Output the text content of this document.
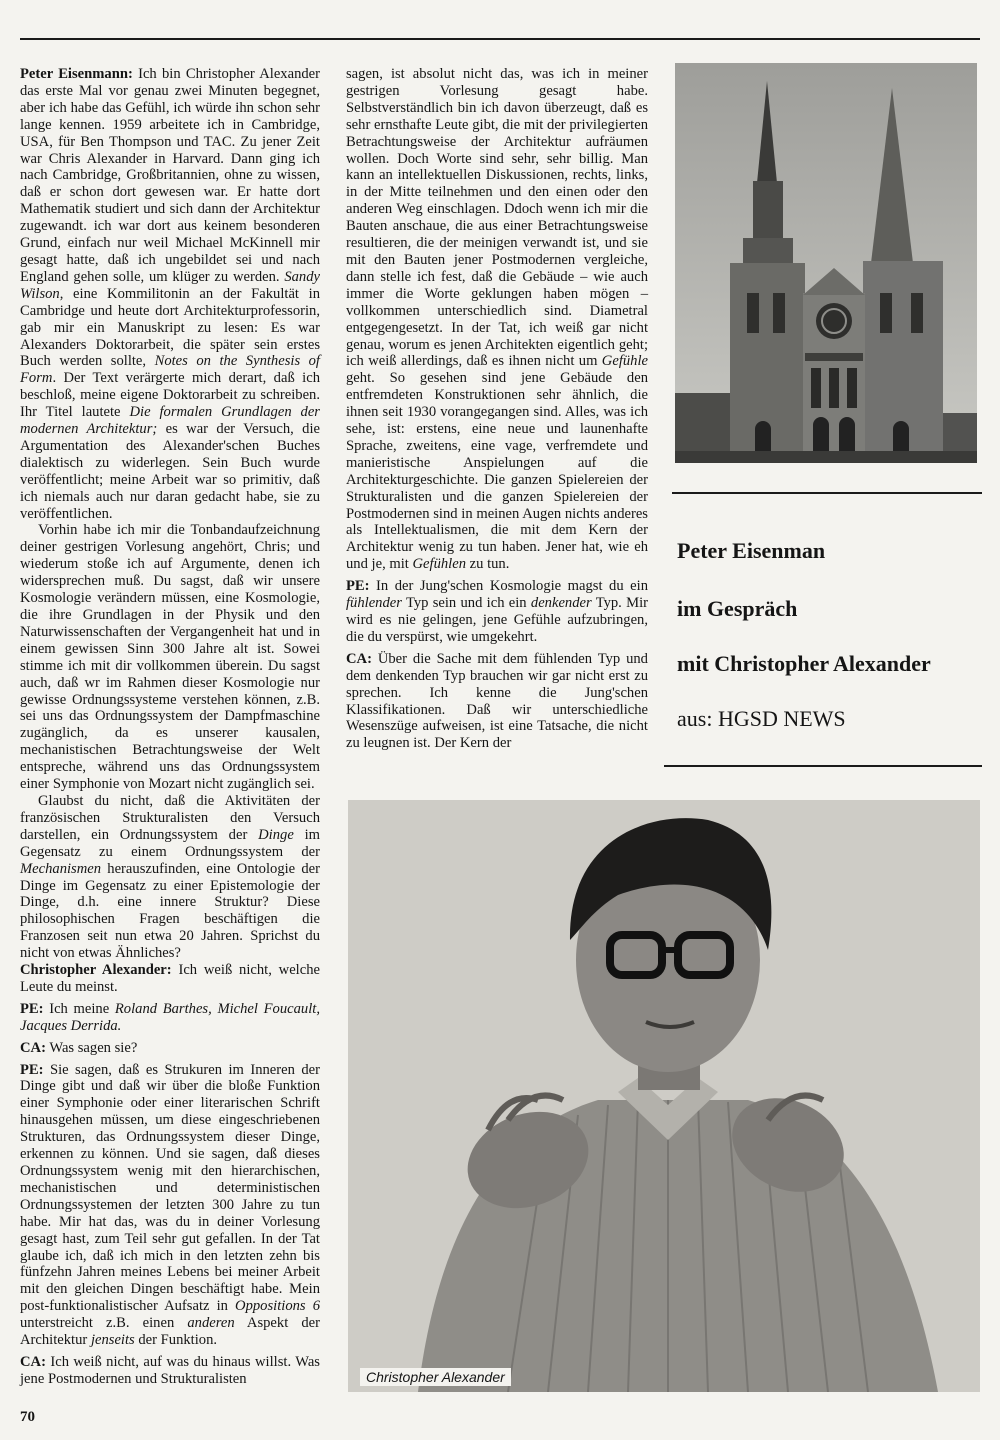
Peter Eisenmann: Ich bin Christopher Alexander das erste Mal vor genau zwei Minuten begegnet, aber ich habe das Gefühl, ich würde ihn schon sehr lange kennen. 1959 arbeitete ich in Cambridge, USA, für Ben Thompson und TAC. Zu jener Zeit war Chris Alexander in Harvard. Dann ging ich nach Cambridge, Großbritannien, ohne zu wissen, daß er schon dort gewesen war. Er hatte dort Mathematik studiert und sich dann der Architektur zugewandt. ich war dort aus keinem besonderen Grund, einfach nur weil Michael McKinnell mir gesagt hatte, daß ich ungebildet sei und nach England gehen solle, um klüger zu werden. Sandy Wilson, eine Kommilitonin an der Fakultät in Cambridge und heute dort Architekturprofessorin, gab mir ein Manuskript zu lesen: Es war Alexanders Doktorarbeit, die später sein erstes Buch werden sollte, Notes on the Synthesis of Form. Der Text verärgerte mich derart, daß ich beschloß, meine eigene Doktorarbeit zu schreiben. Ihr Titel lautete Die formalen Grundlagen der modernen Architektur; es war der Versuch, die Argumentation des Alexander'schen Buches dialektisch zu widerlegen. Sein Buch wurde veröffentlicht; meine Arbeit war so primitiv, daß ich niemals auch nur daran gedacht habe, sie zu veröffentlichen.

Vorhin habe ich mir die Tonbandaufzeichnung deiner gestrigen Vorlesung angehört, Chris; und wiederum stoße ich auf Argumente, denen ich widersprechen muß. Du sagst, daß wir unsere Kosmologie verändern müssen, eine Kosmologie, die ihre Grundlagen in der Physik und den Naturwissenschaften der Vergangenheit hat und in einem gewissen Sinn 300 Jahre alt ist. Sowei stimme ich mit dir vollkommen überein. Du sagst auch, daß wr im Rahmen dieser Kosmologie nur gewisse Ordnungssysteme verstehen können, z.B. sei uns das Ordnungssystem der Dampfmaschine zugänglich, da es unserer kausalen, mechanistischen Betrachtungsweise der Welt entspreche, während uns das Ordnungssystem einer Symphonie von Mozart nicht zugänglich sei.

Glaubst du nicht, daß die Aktivitäten der französischen Strukturalisten den Versuch darstellen, ein Ordnungssystem der Dinge im Gegensatz zu einem Ordnungssystem der Mechanismen herauszufinden, eine Ontologie der Dinge im Gegensatz zu einer Epistemologie der Dinge, d.h. eine innere Struktur? Diese philosophischen Fragen beschäftigen die Franzosen seit nun etwa 20 Jahren. Sprichst du nicht von etwas Ähnliches?

Christopher Alexander: Ich weiß nicht, welche Leute du meinst.

PE: Ich meine Roland Barthes, Michel Foucault, Jacques Derrida.

CA: Was sagen sie?

PE: Sie sagen, daß es Strukuren im Inneren der Dinge gibt und daß wir über die bloße Funktion einer Symphonie oder einer literarischen Schrift hinausgehen müssen, um diese eingeschriebenen Strukturen, das Ordnungssystem dieser Dinge, erkennen zu können. Und sie sagen, daß dieses Ordnungssystem wenig mit den hierarchischen, mechanistischen und deterministischen Ordnungssystemen der letzten 300 Jahre zu tun habe. Mir hat das, was du in deiner Vorlesung gesagt hast, zum Teil sehr gut gefallen. In der Tat glaube ich, daß ich mich in den letzten zehn bis fünfzehn Jahren meines Lebens bei meiner Arbeit mit den gleichen Dingen beschäftigt habe. Mein post-funktionalistischer Aufsatz in Oppositions 6 unterstreicht z.B. einen anderen Aspekt der Architektur jenseits der Funktion.

CA: Ich weiß nicht, auf was du hinaus willst. Was jene Postmodernen und Strukturalisten

sagen, ist absolut nicht das, was ich in meiner gestrigen Vorlesung gesagt habe. Selbstverständlich bin ich davon überzeugt, daß es sehr ernsthafte Leute gibt, die mit der privilegierten Betrachtungsweise der Architektur aufräumen wollen. Doch Worte sind sehr, sehr billig. Man kann an intellektuellen Diskussionen, rechts, links, in der Mitte teilnehmen und den einen oder den anderen Weg einschlagen. Ddoch wenn ich mir die Bauten anschaue, die aus einer Betrachtungsweise resultieren, die der meinigen verwandt ist, und sie mit den Bauten jener Postmodernen vergleiche, dann stelle ich fest, daß die Gebäude – wie auch immer die Worte geklungen haben mögen – vollkommen unterschiedlich sind. Diametral entgegengesetzt. In der Tat, ich weiß gar nicht genau, worum es jenen Architekten eigentlich geht; ich weiß allerdings, daß es ihnen nicht um Gefühle geht. So gesehen sind jene Gebäude den entfremdeten Konstruktionen sehr ähnlich, die ihnen seit 1930 vorangegangen sind. Alles, was ich sehe, ist: erstens, eine neue und launenhafte Sprache, zweitens, eine vage, verfremdete und manieristische Anspielungen auf die Architekturgeschichte. Die ganzen Spielereien der Strukturalisten und die ganzen Spielereien der Postmodernen sind in meinen Augen nichts anderes als Intellektualismen, die mit dem Kern der Architektur wenig zu tun haben. Jener hat, wie eh und je, mit Gefühlen zu tun.

PE: In der Jung'schen Kosmologie magst du ein fühlender Typ sein und ich ein denkender Typ. Mir wird es nie gelingen, jene Gefühle aufzubringen, die du verspürst, wie umgekehrt.

CA: Über die Sache mit dem fühlenden Typ und dem denkenden Typ brauchen wir gar nicht erst zu sprechen. Ich kenne die Jung'schen Klassifikationen. Daß wir unterschiedliche Wesenszüge aufweisen, ist eine Tatsache, die nicht zu leugnen ist. Der Kern der

Peter Eisenman
im Gespräch
mit Christopher Alexander
aus: HGSD NEWS
Christopher Alexander
70
